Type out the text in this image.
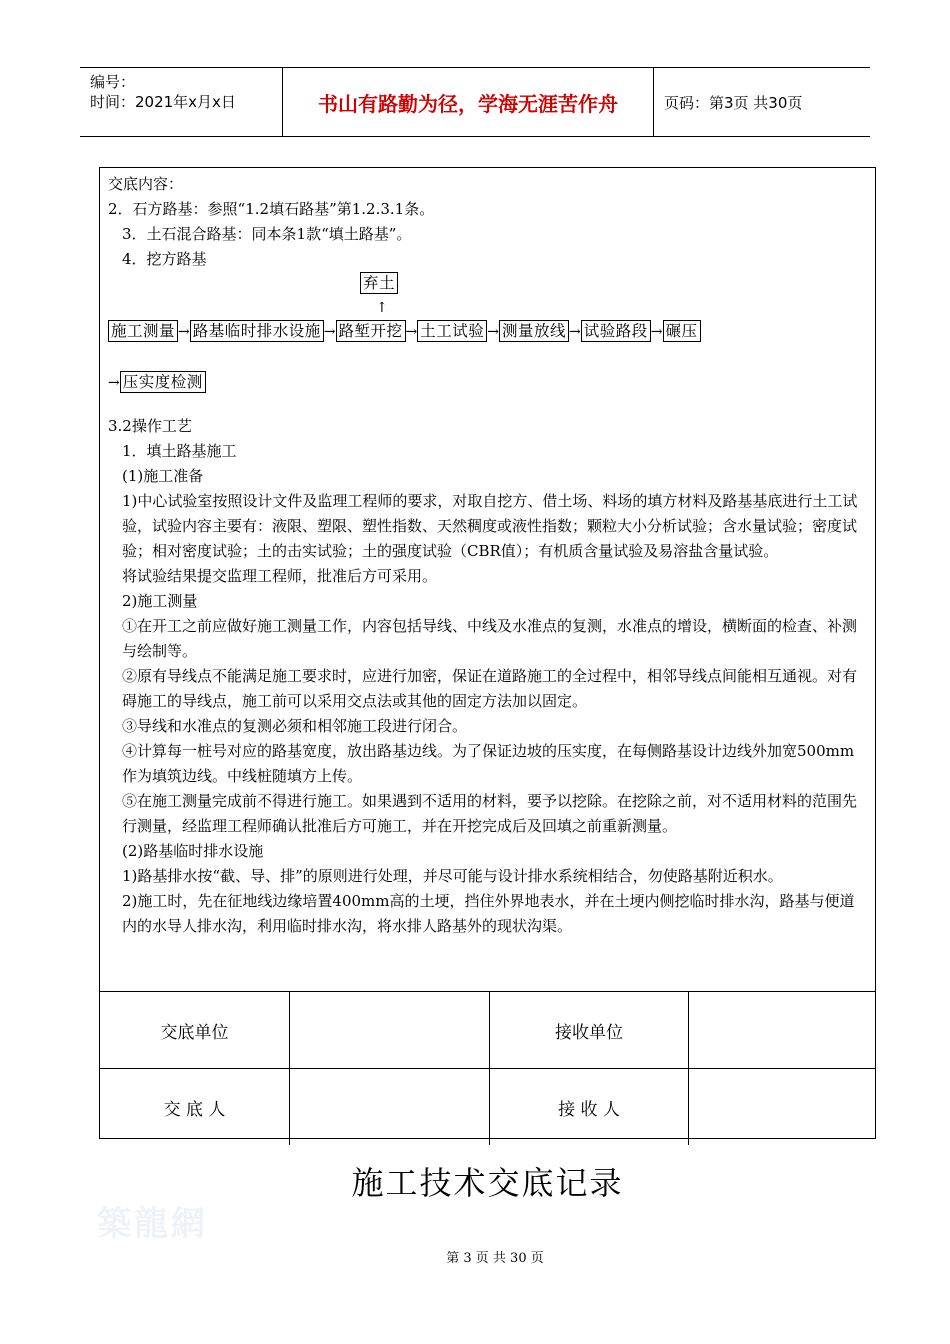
编号：
时间：2021年x月x日	书山有路勤为径，学海无涯苦作舟	页码：第3页 共30页

交底内容：

2．石方路基：参照“1.2填石路基”第1.2.3.1条。

3．土石混合路基：同本条1款“填土路基”。

4．挖方路基

弃土
↑
施工测量 → 路基临时排水设施 → 路堑开挖 → 土工试验 → 测量放线 → 试验路段 → 碾压
→ 压实度检测

3.2操作工艺

1．填土路基施工

(1)施工准备

1)中心试验室按照设计文件及监理工程师的要求，对取自挖方、借土场、料场的填方材料及路基基底进行土工试验，试验内容主要有：液限、塑限、塑性指数、天然稠度或液性指数；颗粒大小分析试验；含水量试验；密度试验；相对密度试验；土的击实试验；土的强度试验（CBR值）；有机质含量试验及易溶盐含量试验。

将试验结果提交监理工程师，批准后方可采用。

2)施工测量

①在开工之前应做好施工测量工作，内容包括导线、中线及水准点的复测，水准点的增设，横断面的检查、补测与绘制等。

②原有导线点不能满足施工要求时，应进行加密，保证在道路施工的全过程中，相邻导线点间能相互通视。对有碍施工的导线点，施工前可以采用交点法或其他的固定方法加以固定。

③导线和水准点的复测必须和相邻施工段进行闭合。

④计算每一桩号对应的路基宽度，放出路基边线。为了保证边坡的压实度，在每侧路基设计边线外加宽500mm作为填筑边线。中线桩随填方上传。

⑤在施工测量完成前不得进行施工。如果遇到不适用的材料，要予以挖除。在挖除之前，对不适用材料的范围先行测量，经监理工程师确认批准后方可施工，并在开挖完成后及回填之前重新测量。

(2)路基临时排水设施

1)路基排水按“截、导、排”的原则进行处理，并尽可能与设计排水系统相结合，勿使路基附近积水。

2)施工时，先在征地线边缘培置400mm高的土埂，挡住外界地表水，并在土埂内侧挖临时排水沟，路基与便道内的水导人排水沟，利用临时排水沟，将水排人路基外的现状沟渠。

交底单位		接收单位	
交 底 人		接 收 人	
築龍網
施工技术交底记录
第 3 页 共 30 页
